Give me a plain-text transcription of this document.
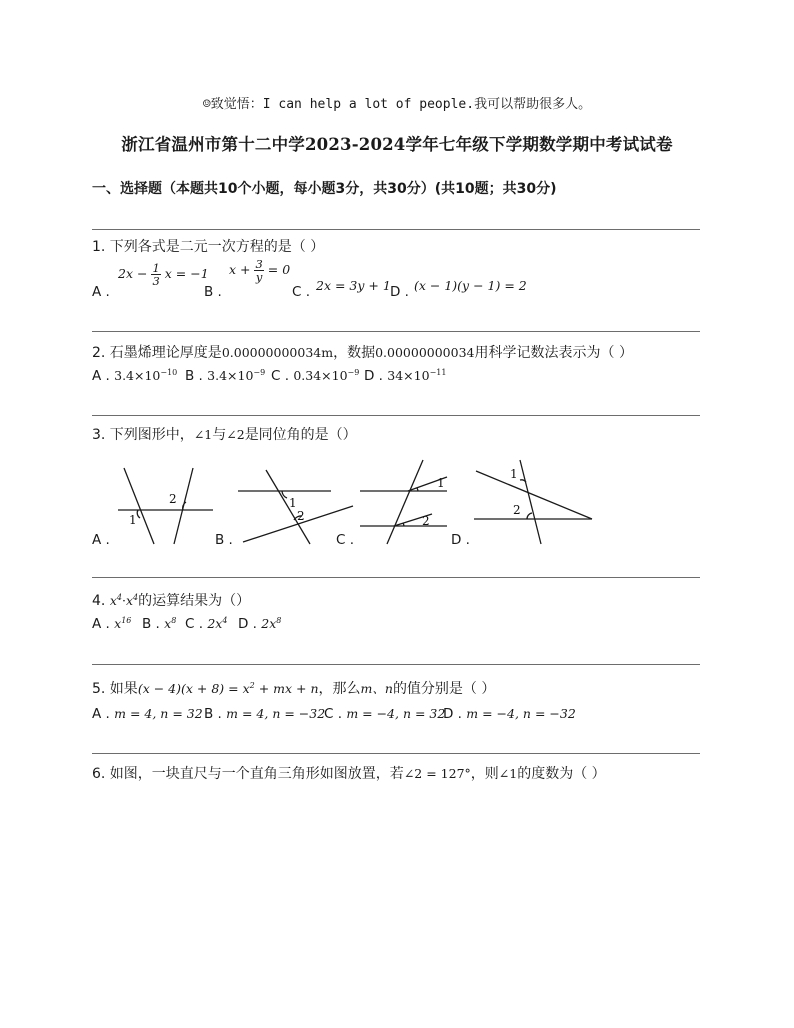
☺致觉悟：I can help a lot of people.我可以帮助很多人。
浙江省温州市第十二中学2023-2024学年七年级下学期数学期中考试试卷
一、选择题（本题共10个小题，每小题3分，共30分）(共10题；共30分)
1. 下列各式是二元一次方程的是（ ）
A .
$2x - \frac{1}{3}$ x = −1
B .
$x + \frac{3}{y} = 0$
C . 2x = 3y + 1 D . (x − 1)(y − 1) = 2
2. 石墨烯理论厚度是0.00000000034m，数据0.00000000034用科学记数法表示为（ ）
A . $3.4\times 10^{-10}$ B . $3.4\times 10^{-9}$ C . $0.34\times 10^{-9}$ D . $34\times 10^{-11}$
3. 下列图形中，∠1与∠2是同位角的是（）
1
2	1
2
1
2
1
2
A .	B .	C .	D .
4. $x^4\cdot x^4$的运算结果为（）
A . $x^{16}$ B . $x^8$ C . $2x^4$ D . $2x^8$
5. 如果$(x - 4)(x + 8) = x^2$ + mx + n，那么m、n的值分别是（ ）
A . m = 4, n = 32 B . m = 4, n = −32
C . m = −4, n = 32
D . m = −4, n = −32
6. 如图，一块直尺与一个直角三角形如图放置，若∠2 = 127°，则∠1的度数为（ ）
